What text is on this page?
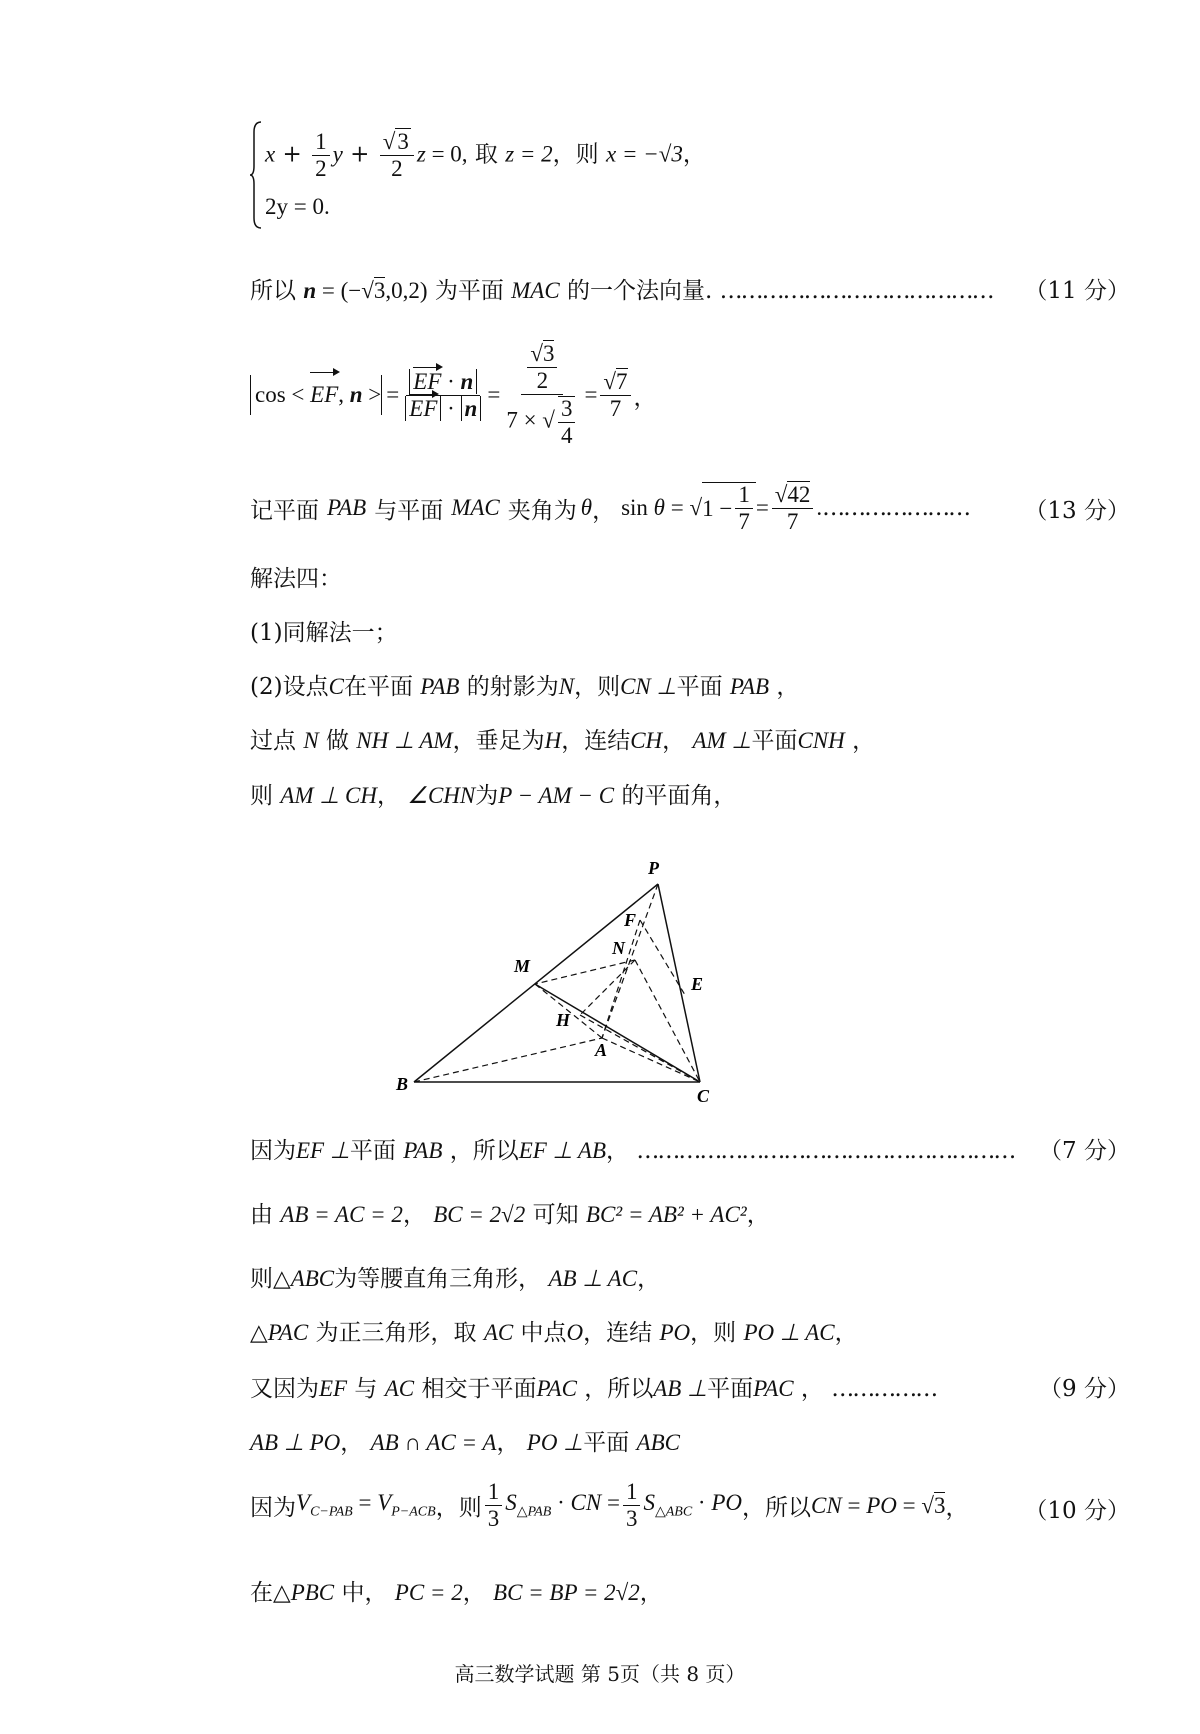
$x + \frac{1}{2}$ $y + \frac{√3}{2}$ z = 0, 取 z = 2，则 x = −√3，
2y = 0.
所以 n = (−√3,0,2) 为平面 MAC 的一个法向量. ………………………………… （11 分）
cos < EF, n > = $\frac{EF \cdot n}{EF \cdot n} = \frac{\frac{√3}{2}}{7 \times √ \frac{3}{4}} = \frac{√7}{7}$ ，
记平面 PAB 与平面 MAC 夹角为 θ ， sin θ = √ $1 - \frac{1}{7} = \frac{√42}{7}$ . ………………… （13 分）
解法四：
(1)同解法一；
(2)设点C在平面 PAB 的射影为N，则CN ⊥平面 PAB ，
过点 N 做 NH ⊥ AM，垂足为H，连结CH， AM ⊥平面CNH ，
则 AM ⊥ CH， ∠CHN为P − AM − C 的平面角，
P
F
N
M
E
H
A
B
C
因为EF ⊥平面 PAB ，所以EF ⊥ AB， ……………………………………………… （7 分）
由 AB = AC = 2， BC = 2√2 可知 BC² = AB² + AC²，
则△ABC为等腰直角三角形， AB ⊥ AC，
△PAC 为正三角形，取 AC 中点O，连结 PO，则 PO ⊥ AC，
又因为EF 与 AC 相交于平面PAC ，所以AB ⊥平面PAC ， ……………	（9 分）
AB ⊥ PO， AB ∩ AC = A， PO ⊥平面 ABC
因为 $V_{C-PAB} = V_{P-ACB}$ ，则 $\frac{1}{3} S_{\triangle PAB}$ · CN = $\frac{1}{3} S_{\triangle ABC}$ · PO ，所以 CN = PO = √3 ， （10 分）
在△PBC 中， PC = 2， BC = BP = 2√2，
高三数学试题 第 5页（共 8 页）
